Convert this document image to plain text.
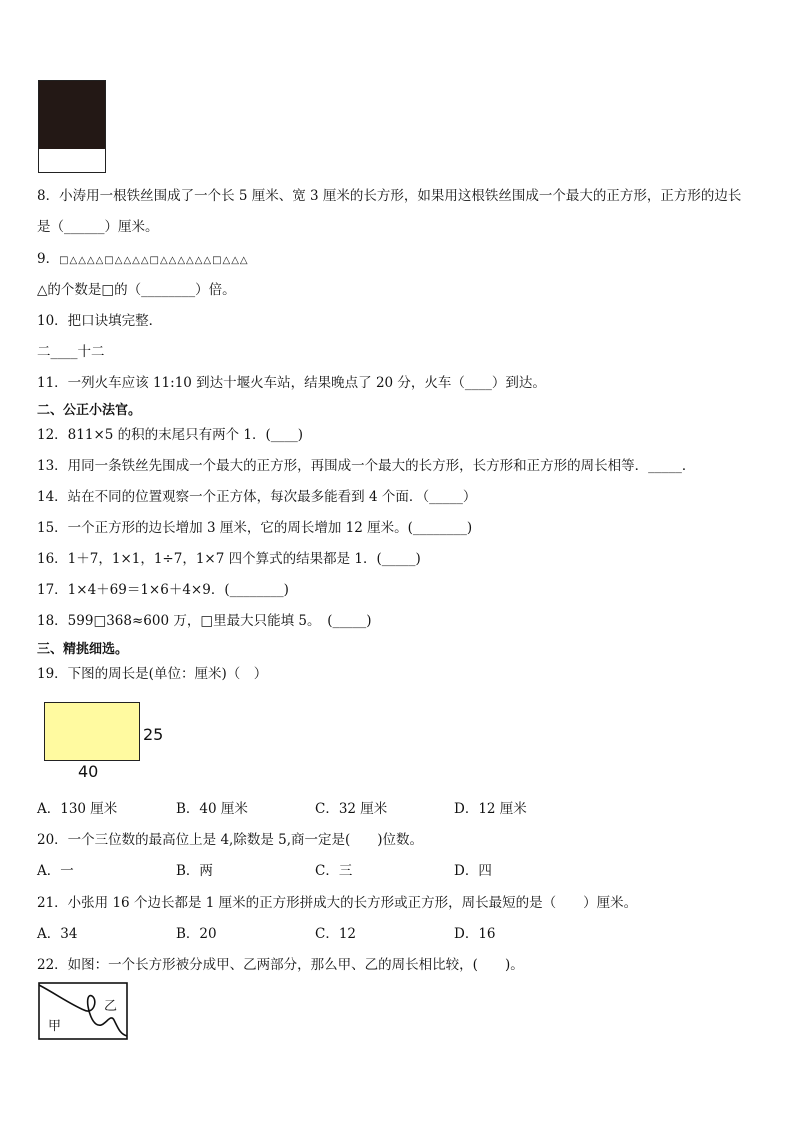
8．小涛用一根铁丝围成了一个长 5 厘米、宽 3 厘米的长方形，如果用这根铁丝围成一个最大的正方形，正方形的边长
是（______）厘米。
9．□△△△△□△△△△□△△△△△△□△△△
△的个数是□的（________）倍。
10．把口诀填完整．
二____十二
11．一列火车应该 11:10 到达十堰火车站，结果晚点了 20 分，火车（____）到达。
二、公正小法官。
12．811×5 的积的末尾只有两个 1．(____)
13．用同一条铁丝先围成一个最大的正方形，再围成一个最大的长方形，长方形和正方形的周长相等．_____．
14．站在不同的位置观察一个正方体，每次最多能看到 4 个面．（_____）
15．一个正方形的边长增加 3 厘米，它的周长增加 12 厘米。(________)
16．1＋7，1×1，1÷7，1×7 四个算式的结果都是 1．(_____)
17．1×4＋69＝1×6＋4×9．(________)
18．599□368≈600 万，□里最大只能填 5。　(_____)
三、精挑细选。
19．下图的周长是(单位：厘米)（　）
25
40
A．130 厘米	B．40 厘米	C．32 厘米	D．12 厘米
20．一个三位数的最高位上是 4,除数是 5,商一定是(　　)位数。
A．一	B．两	C．三	D．四
21．小张用 16 个边长都是 1 厘米的正方形拼成大的长方形或正方形，周长最短的是（　　）厘米。
A．34	B．20	C．12	D．16
22．如图：一个长方形被分成甲、乙两部分，那么甲、乙的周长相比较，(　　)。
甲
乙
